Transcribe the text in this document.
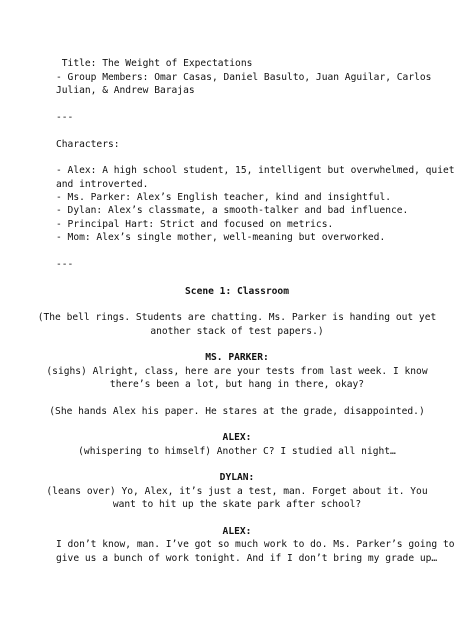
Title: The Weight of Expectations
- Group Members: Omar Casas, Daniel Basulto, Juan Aguilar, Carlos
Julian, & Andrew Barajas
---
Characters:
- Alex: A high school student, 15, intelligent but overwhelmed, quiet
and introverted.
- Ms. Parker: Alex’s English teacher, kind and insightful.
- Dylan: Alex’s classmate, a smooth-talker and bad influence.
- Principal Hart: Strict and focused on metrics.
- Mom: Alex’s single mother, well-meaning but overworked.
---
Scene 1: Classroom
(The bell rings. Students are chatting. Ms. Parker is handing out yet
another stack of test papers.)
MS. PARKER:
(sighs) Alright, class, here are your tests from last week. I know
there’s been a lot, but hang in there, okay?
(She hands Alex his paper. He stares at the grade, disappointed.)
ALEX:
(whispering to himself) Another C? I studied all night…
DYLAN:
(leans over) Yo, Alex, it’s just a test, man. Forget about it. You
want to hit up the skate park after school?
ALEX:
I don’t know, man. I’ve got so much work to do. Ms. Parker’s going to
give us a bunch of work tonight. And if I don’t bring my grade up…
